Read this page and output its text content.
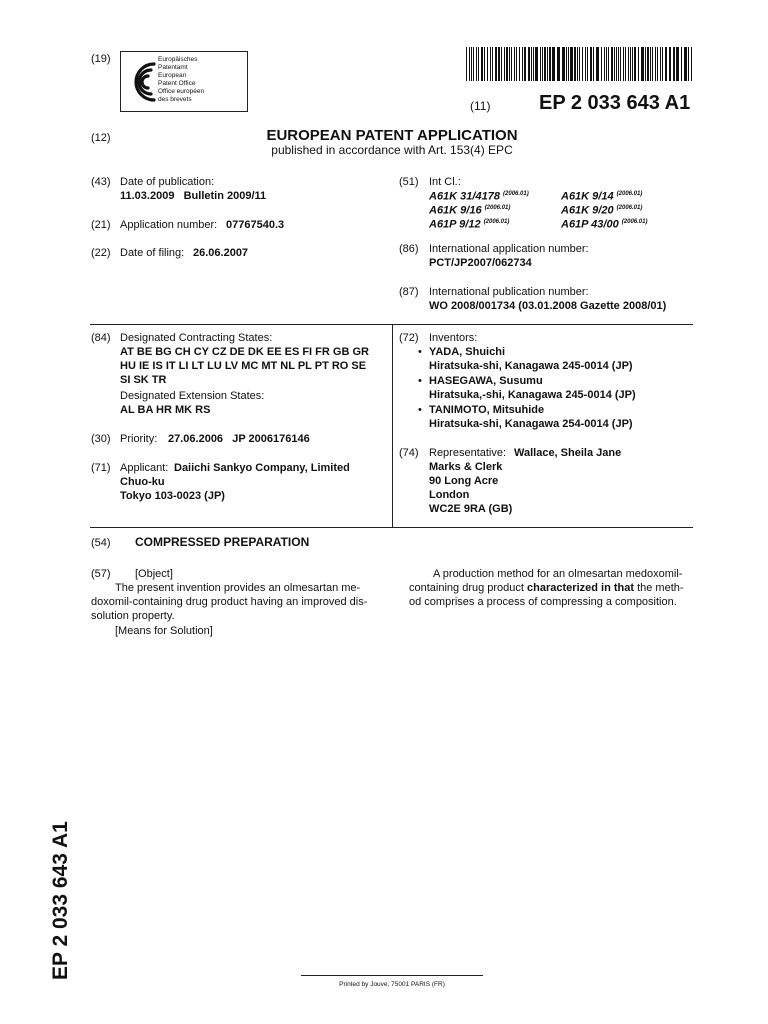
(19)	Europäisches
Patentamt
European
Patent Office
Office européen
des brevets	(11) EP 2 033 643 A1
(12)	EUROPEAN PATENT APPLICATION
published in accordance with Art. 153(4) EPC
(43) Date of publication:
11.03.2009   Bulletin 2009/11
(21) Application number: 07767540.3
(22) Date of filing: 26.06.2007
(51) Int Cl.:
A61K 31/4178 $^{(2006.01)}$	A61K 9/14 $^{(2006.01)}$
A61K 9/16 $^{(2006.01)}$	A61K 9/20 $^{(2006.01)}$
A61P 9/12 $^{(2006.01)}$	A61P 43/00 $^{(2006.01)}$
(86) International application number:
PCT/JP2007/062734
(87) International publication number:
WO 2008/001734 (03.01.2008 Gazette 2008/01)
(84) Designated Contracting States:
AT BE BG CH CY CZ DE DK EE ES FI FR GB GR
HU IE IS IT LI LT LU LV MC MT NL PL PT RO SE
SI SK TR
Designated Extension States:
AL BA HR MK RS
(30) Priority: 27.06.2006   JP 2006176146
(71) Applicant: Daiichi Sankyo Company, Limited
Chuo-ku
Tokyo 103-0023 (JP)
(72) Inventors:
• YADA, Shuichi
Hiratsuka-shi, Kanagawa 245-0014 (JP)
• HASEGAWA, Susumu
Hiratsuka,-shi, Kanagawa 245-0014 (JP)
• TANIMOTO, Mitsuhide
Hiratsuka-shi, Kanagawa 254-0014 (JP)
(74) Representative: Wallace, Sheila Jane
Marks & Clerk
90 Long Acre
London
WC2E 9RA (GB)
(54) COMPRESSED PREPARATION
(57) [Object]
The present invention provides an olmesartan me-
doxomil-containing drug product having an improved dis-
solution property.
[Means for Solution]
A production method for an olmesartan medoxomil-
containing drug product characterized in that the meth-
od comprises a process of compressing a composition.
EP 2 033 643 A1
Printed by Jouve, 75001 PARIS (FR)
